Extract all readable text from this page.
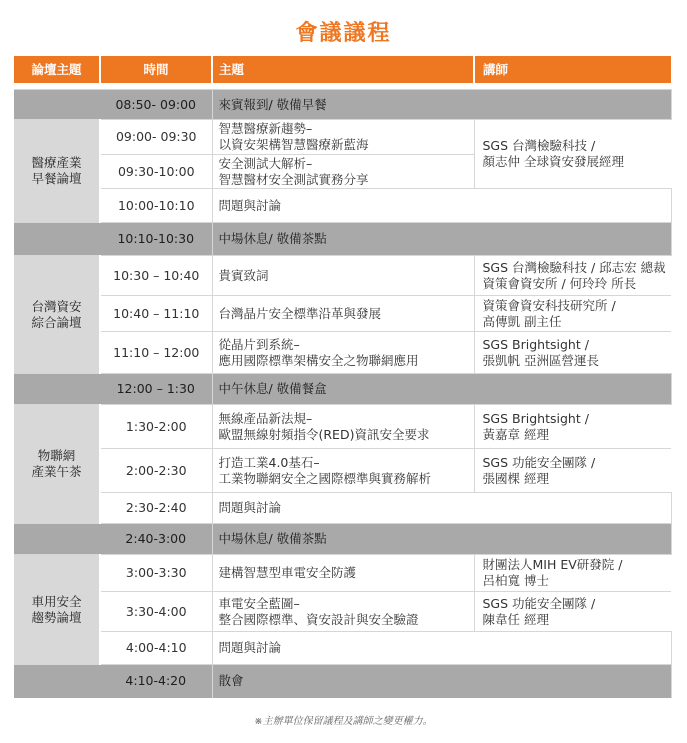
會議議程
論壇主題	時間	主題	講師

	08:50- 09:00	來賓報到/ 敬備早餐	

醫療產業
早餐論壇	09:00- 09:30	智慧醫療新趨勢–
以資安架構智慧醫療新藍海	SGS 台灣檢驗科技 /
顏志仲 全球資安發展經理

	09:30-10:00	安全測試大解析–
智慧醫材安全測試實務分享	

	10:00-10:10	問題與討論	

	10:10-10:30	中場休息/ 敬備茶點	

台灣資安
綜合論壇	10:30 – 10:40	貴賓致詞	SGS 台灣檢驗科技 / 邱志宏 總裁
資策會資安所 / 何玲玲 所長

	10:40 – 11:10	台灣晶片安全標準沿革與發展	資策會資安科技研究所 /
高傳凱 副主任

	11:10 – 12:00	從晶片到系統–
應用國際標準架構安全之物聯網應用	SGS Brightsight /
張凱帆 亞洲區營運長

	12:00 – 1:30	中午休息/ 敬備餐盒	

物聯網
產業午茶	1:30-2:00	無線產品新法規–
歐盟無線射頻指令(RED)資訊安全要求	SGS Brightsight /
黃嘉章 經理

	2:00-2:30	打造工業4.0基石–
工業物聯網安全之國際標準與實務解析	SGS 功能安全團隊 /
張國棵 經理

	2:30-2:40	問題與討論	

	2:40-3:00	中場休息/ 敬備茶點	

車用安全
趨勢論壇	3:00-3:30	建構智慧型車電安全防護	財團法人MIH EV研發院 /
呂柏寬 博士

	3:30-4:00	車電安全藍圖–
整合國際標準、資安設計與安全驗證	SGS 功能安全團隊 /
陳韋任 經理

	4:00-4:10	問題與討論	

	4:10-4:20	散會	
※主辦單位保留議程及講師之變更權力。
